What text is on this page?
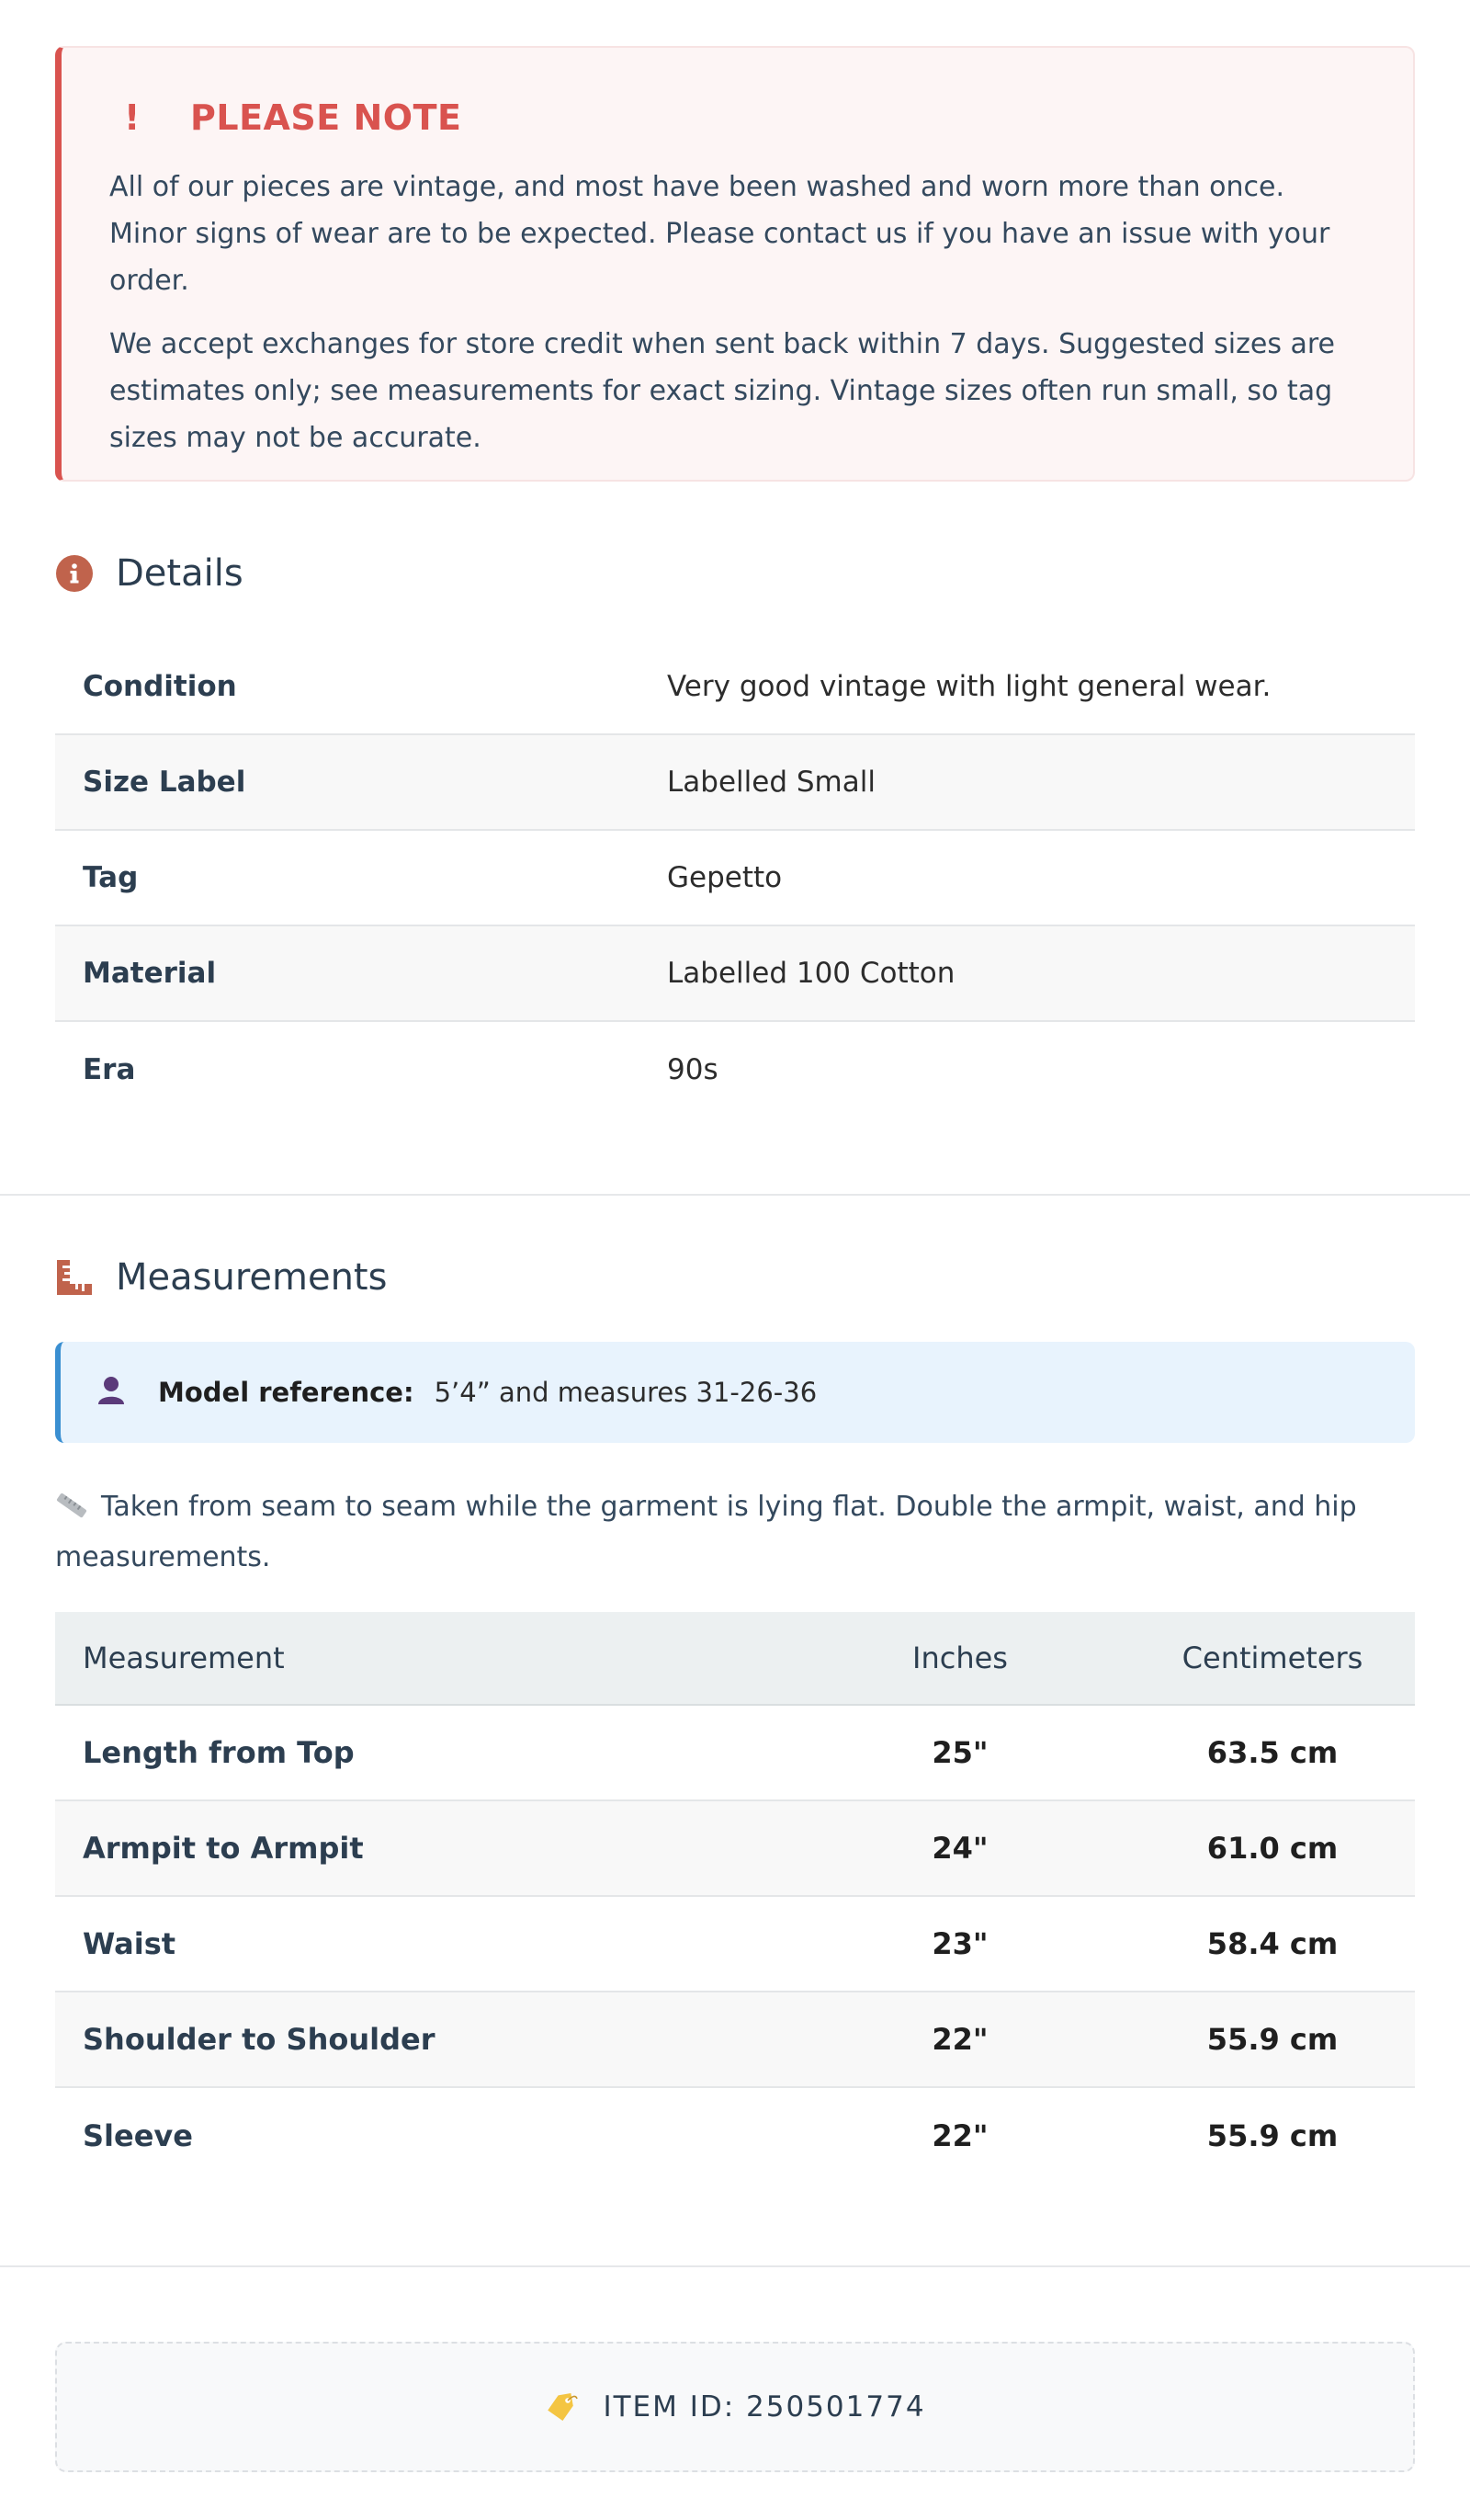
!	PLEASE NOTE

All of our pieces are vintage, and most have been washed and worn more than once. Minor signs of wear are to be expected. Please contact us if you have an issue with your order.

We accept exchanges for store credit when sent back within 7 days. Suggested sizes are estimates only; see measurements for exact sizing. Vintage sizes often run small, so tag sizes may not be accurate.

Details
Condition	Very good vintage with light general wear.
Size Label	Labelled Small
Tag	Gepetto
Material	Labelled 100 Cotton
Era	90s
Measurements
Model reference: 5’4” and measures 31-26-36
Taken from seam to seam while the garment is lying flat. Double the armpit, waist, and hip measurements.
Measurement	Inches	Centimeters
Length from Top	25"	63.5 cm
Armpit to Armpit	24"	61.0 cm
Waist	23"	58.4 cm
Shoulder to Shoulder	22"	55.9 cm
Sleeve	22"	55.9 cm
ITEM ID: 250501774
